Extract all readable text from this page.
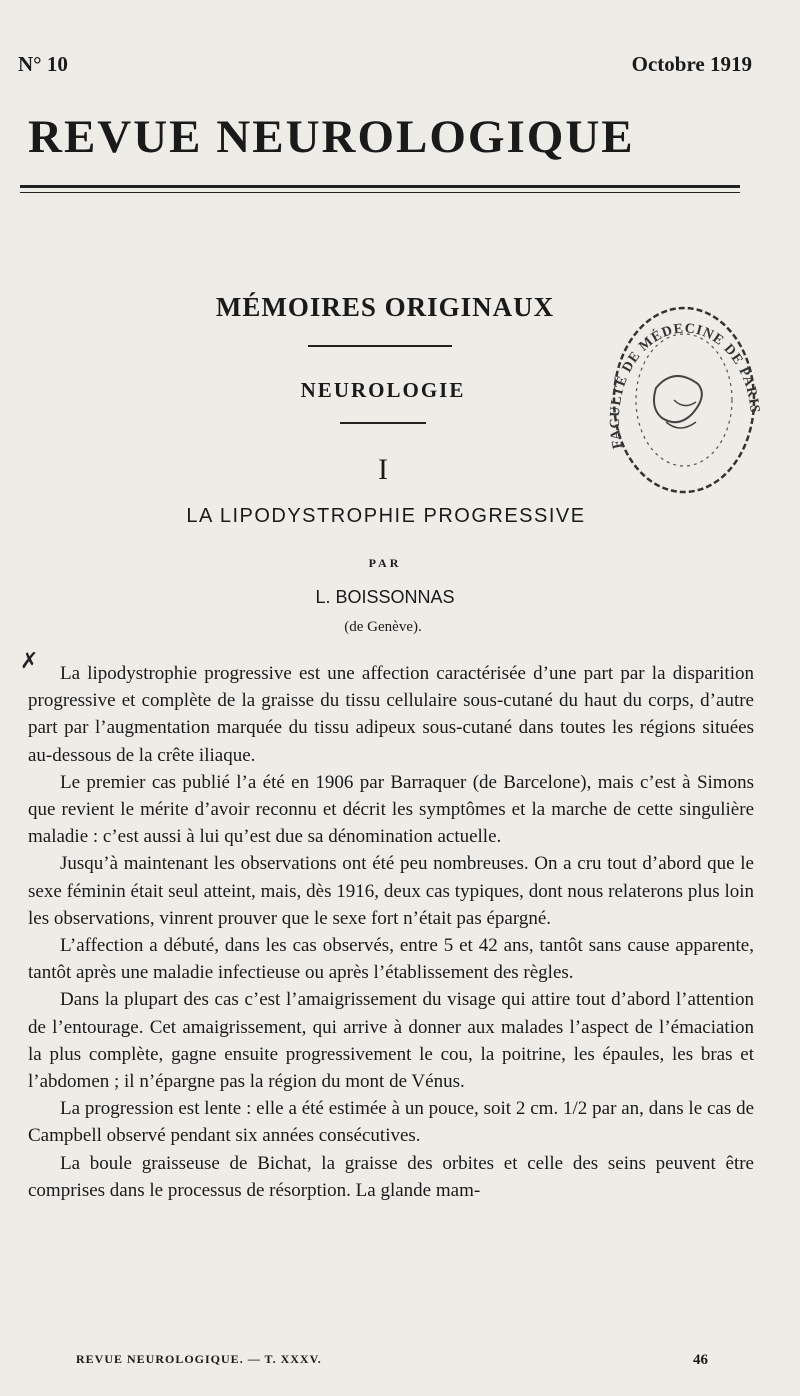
N° 10	Octobre 1919
REVUE NEUROLOGIQUE
MÉMOIRES ORIGINAUX
NEUROLOGIE
I
LA LIPODYSTROPHIE PROGRESSIVE
PAR
L. BOISSONNAS
(de Genève).
FACULTÉ DE MÉDECINE DE PARIS

La lipodystrophie progressive est une affection caractérisée d’une part par la disparition progressive et complète de la graisse du tissu cellulaire sous-cutané du haut du corps, d’autre part par l’augmentation marquée du tissu adipeux sous-cutané dans toutes les régions situées au-dessous de la crête iliaque.

Le premier cas publié l’a été en 1906 par Barraquer (de Barcelone), mais c’est à Simons que revient le mérite d’avoir reconnu et décrit les symptômes et la marche de cette singulière maladie : c’est aussi à lui qu’est due sa dénomination actuelle.

Jusqu’à maintenant les observations ont été peu nombreuses. On a cru tout d’abord que le sexe féminin était seul atteint, mais, dès 1916, deux cas typiques, dont nous relaterons plus loin les observations, vinrent prouver que le sexe fort n’était pas épargné.

L’affection a débuté, dans les cas observés, entre 5 et 42 ans, tantôt sans cause apparente, tantôt après une maladie infectieuse ou après l’établissement des règles.

Dans la plupart des cas c’est l’amaigrissement du visage qui attire tout d’abord l’attention de l’entourage. Cet amaigrissement, qui arrive à donner aux malades l’aspect de l’émaciation la plus complète, gagne ensuite progressivement le cou, la poitrine, les épaules, les bras et l’abdomen ; il n’épargne pas la région du mont de Vénus.

La progression est lente : elle a été estimée à un pouce, soit 2 cm. 1/2 par an, dans le cas de Campbell observé pendant six années consécutives.

La boule graisseuse de Bichat, la graisse des orbites et celle des seins peuvent être comprises dans le processus de résorption. La glande mam-

✗
REVUE NEUROLOGIQUE. — T. XXXV.	46
